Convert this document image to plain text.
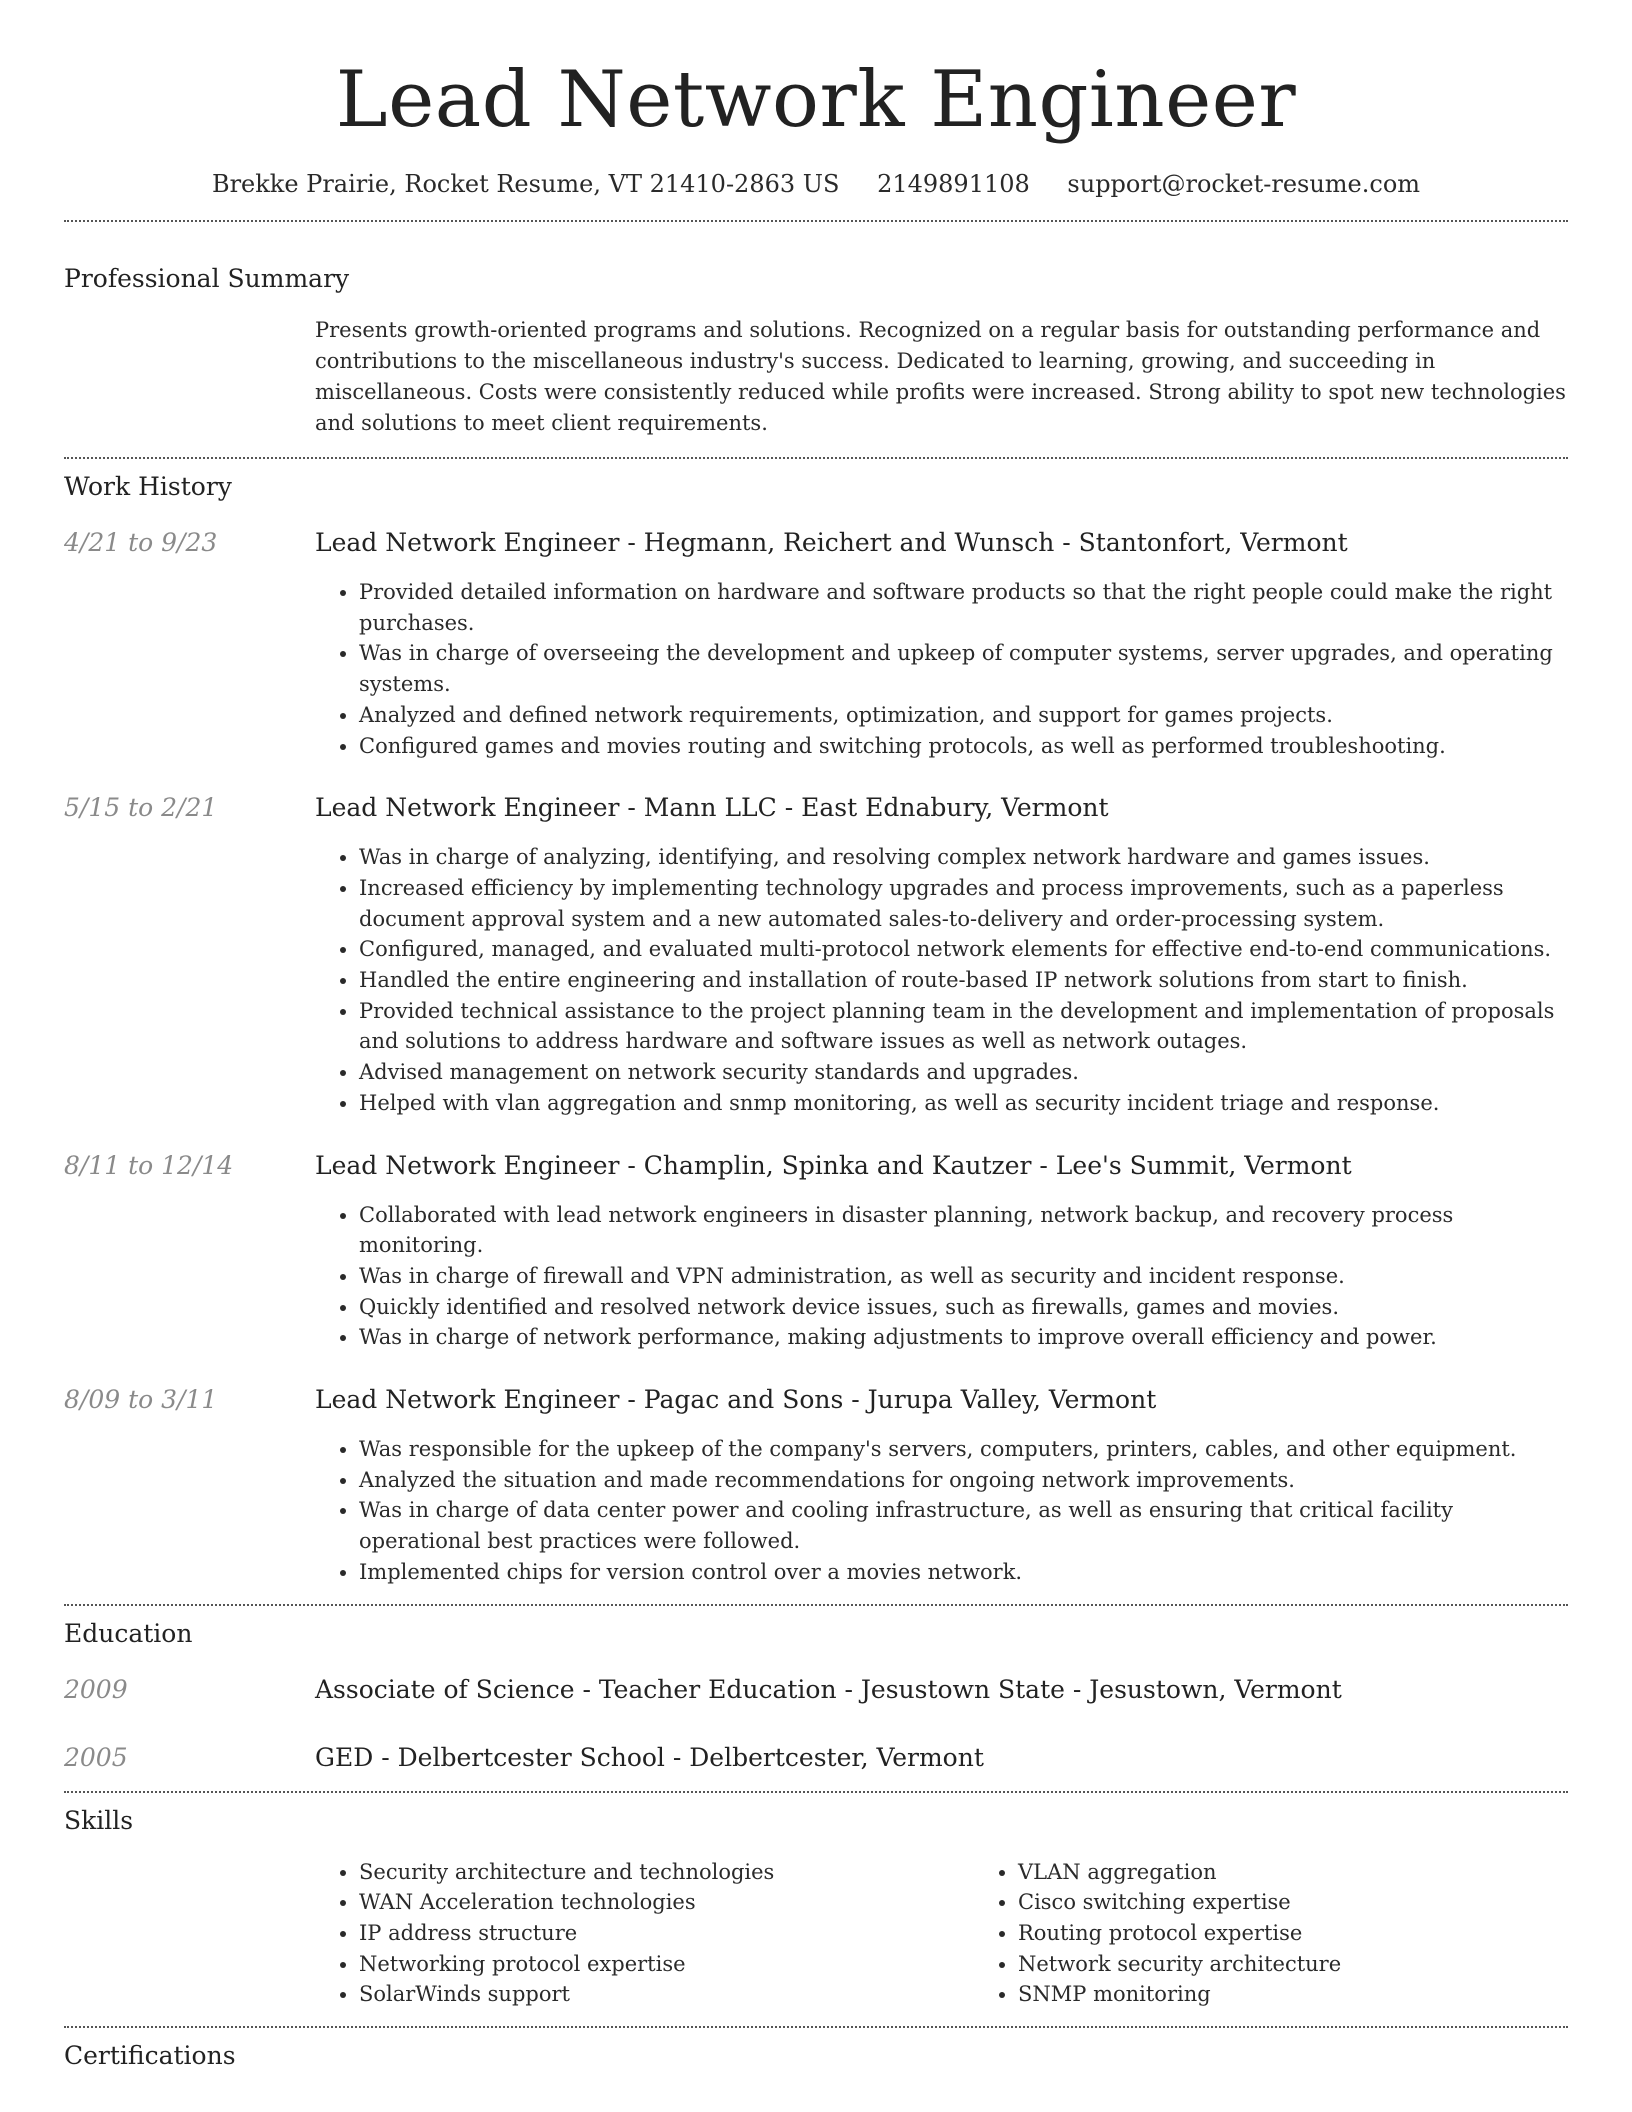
Lead Network Engineer
Brekke Prairie, Rocket Resume, VT 21410-2863 US 2149891108 support@rocket-resume.com
Professional Summary

Presents growth-oriented programs and solutions. Recognized on a regular basis for outstanding performance and contributions to the miscellaneous industry's success. Dedicated to learning, growing, and succeeding in miscellaneous. Costs were consistently reduced while profits were increased. Strong ability to spot new technologies and solutions to meet client requirements.

Work History
4/21 to 9/23	Lead Network Engineer - Hegmann, Reichert and Wunsch - Stantonfort, Vermont
• Provided detailed information on hardware and software products so that the right people could make the right purchases.
• Was in charge of overseeing the development and upkeep of computer systems, server upgrades, and operating systems.
• Analyzed and defined network requirements, optimization, and support for games projects.
• Configured games and movies routing and switching protocols, as well as performed troubleshooting.
5/15 to 2/21	Lead Network Engineer - Mann LLC - East Ednabury, Vermont
• Was in charge of analyzing, identifying, and resolving complex network hardware and games issues.
• Increased efficiency by implementing technology upgrades and process improvements, such as a paperless document approval system and a new automated sales-to-delivery and order-processing system.
• Configured, managed, and evaluated multi-protocol network elements for effective end-to-end communications.
• Handled the entire engineering and installation of route-based IP network solutions from start to finish.
• Provided technical assistance to the project planning team in the development and implementation of proposals and solutions to address hardware and software issues as well as network outages.
• Advised management on network security standards and upgrades.
• Helped with vlan aggregation and snmp monitoring, as well as security incident triage and response.
8/11 to 12/14	Lead Network Engineer - Champlin, Spinka and Kautzer - Lee's Summit, Vermont
• Collaborated with lead network engineers in disaster planning, network backup, and recovery process monitoring.
• Was in charge of firewall and VPN administration, as well as security and incident response.
• Quickly identified and resolved network device issues, such as firewalls, games and movies.
• Was in charge of network performance, making adjustments to improve overall efficiency and power.
8/09 to 3/11	Lead Network Engineer - Pagac and Sons - Jurupa Valley, Vermont
• Was responsible for the upkeep of the company's servers, computers, printers, cables, and other equipment.
• Analyzed the situation and made recommendations for ongoing network improvements.
• Was in charge of data center power and cooling infrastructure, as well as ensuring that critical facility operational best practices were followed.
• Implemented chips for version control over a movies network.
Education
2009	Associate of Science - Teacher Education - Jesustown State - Jesustown, Vermont
2005	GED - Delbertcester School - Delbertcester, Vermont
Skills
• Security architecture and technologies
• WAN Acceleration technologies
• IP address structure
• Networking protocol expertise
• SolarWinds support
• VLAN aggregation
• Cisco switching expertise
• Routing protocol expertise
• Network security architecture
• SNMP monitoring
Certifications
